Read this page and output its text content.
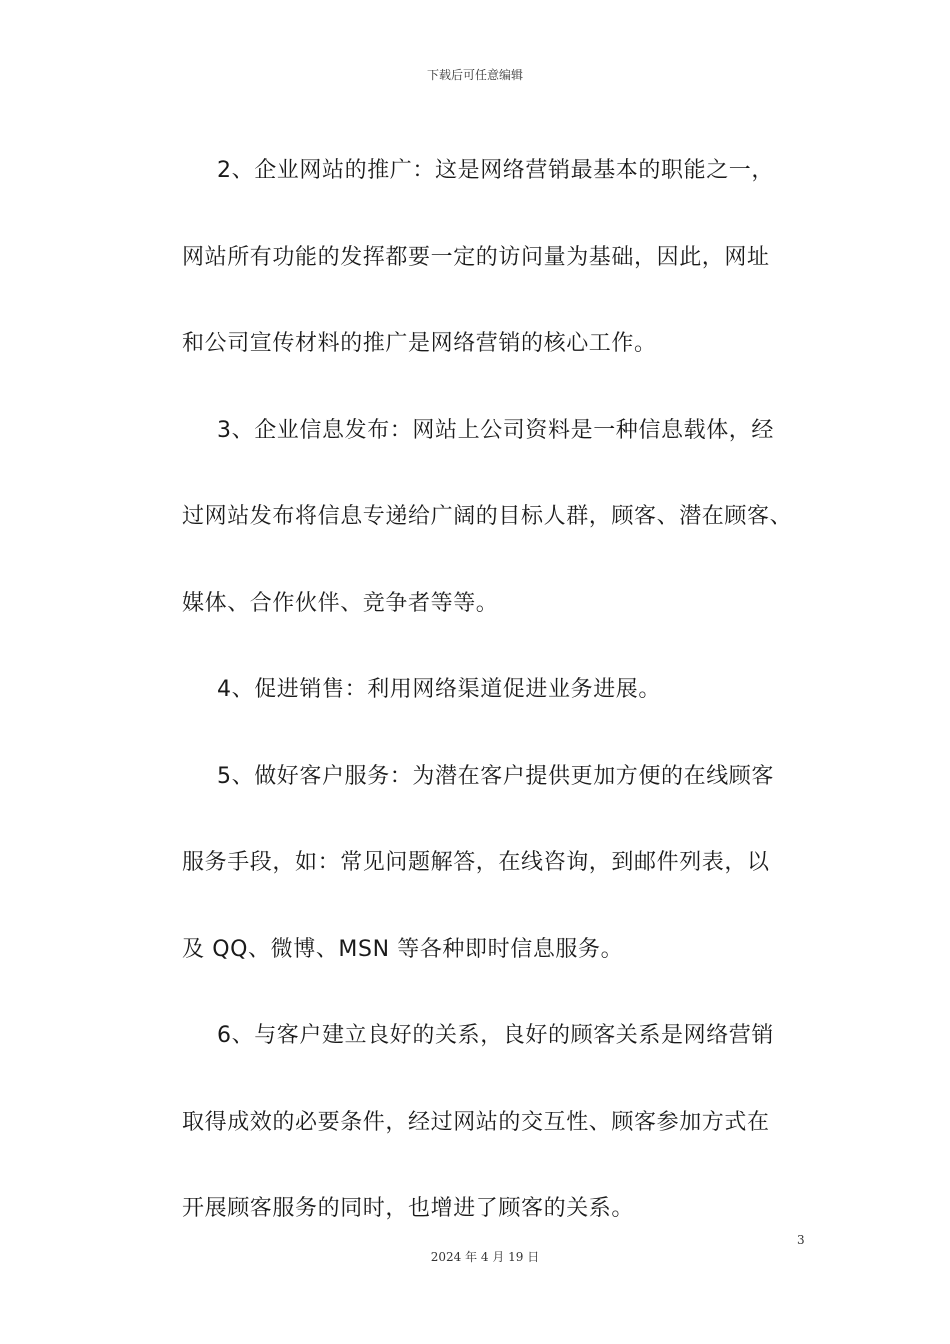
下载后可任意编辑
2、企业网站的推广：这是网络营销最基本的职能之一，
网站所有功能的发挥都要一定的访问量为基础，因此，网址
和公司宣传材料的推广是网络营销的核心工作。
3、企业信息发布：网站上公司资料是一种信息载体，经
过网站发布将信息专递给广阔的目标人群，顾客、潜在顾客、
媒体、合作伙伴、竞争者等等。
4、促进销售：利用网络渠道促进业务进展。
5、做好客户服务：为潜在客户提供更加方便的在线顾客
服务手段，如：常见问题解答，在线咨询，到邮件列表，以
及 QQ、微博、MSN 等各种即时信息服务。
6、与客户建立良好的关系，良好的顾客关系是网络营销
取得成效的必要条件，经过网站的交互性、顾客参加方式在
开展顾客服务的同时，也增进了顾客的关系。
3
2024 年 4 月 19 日
